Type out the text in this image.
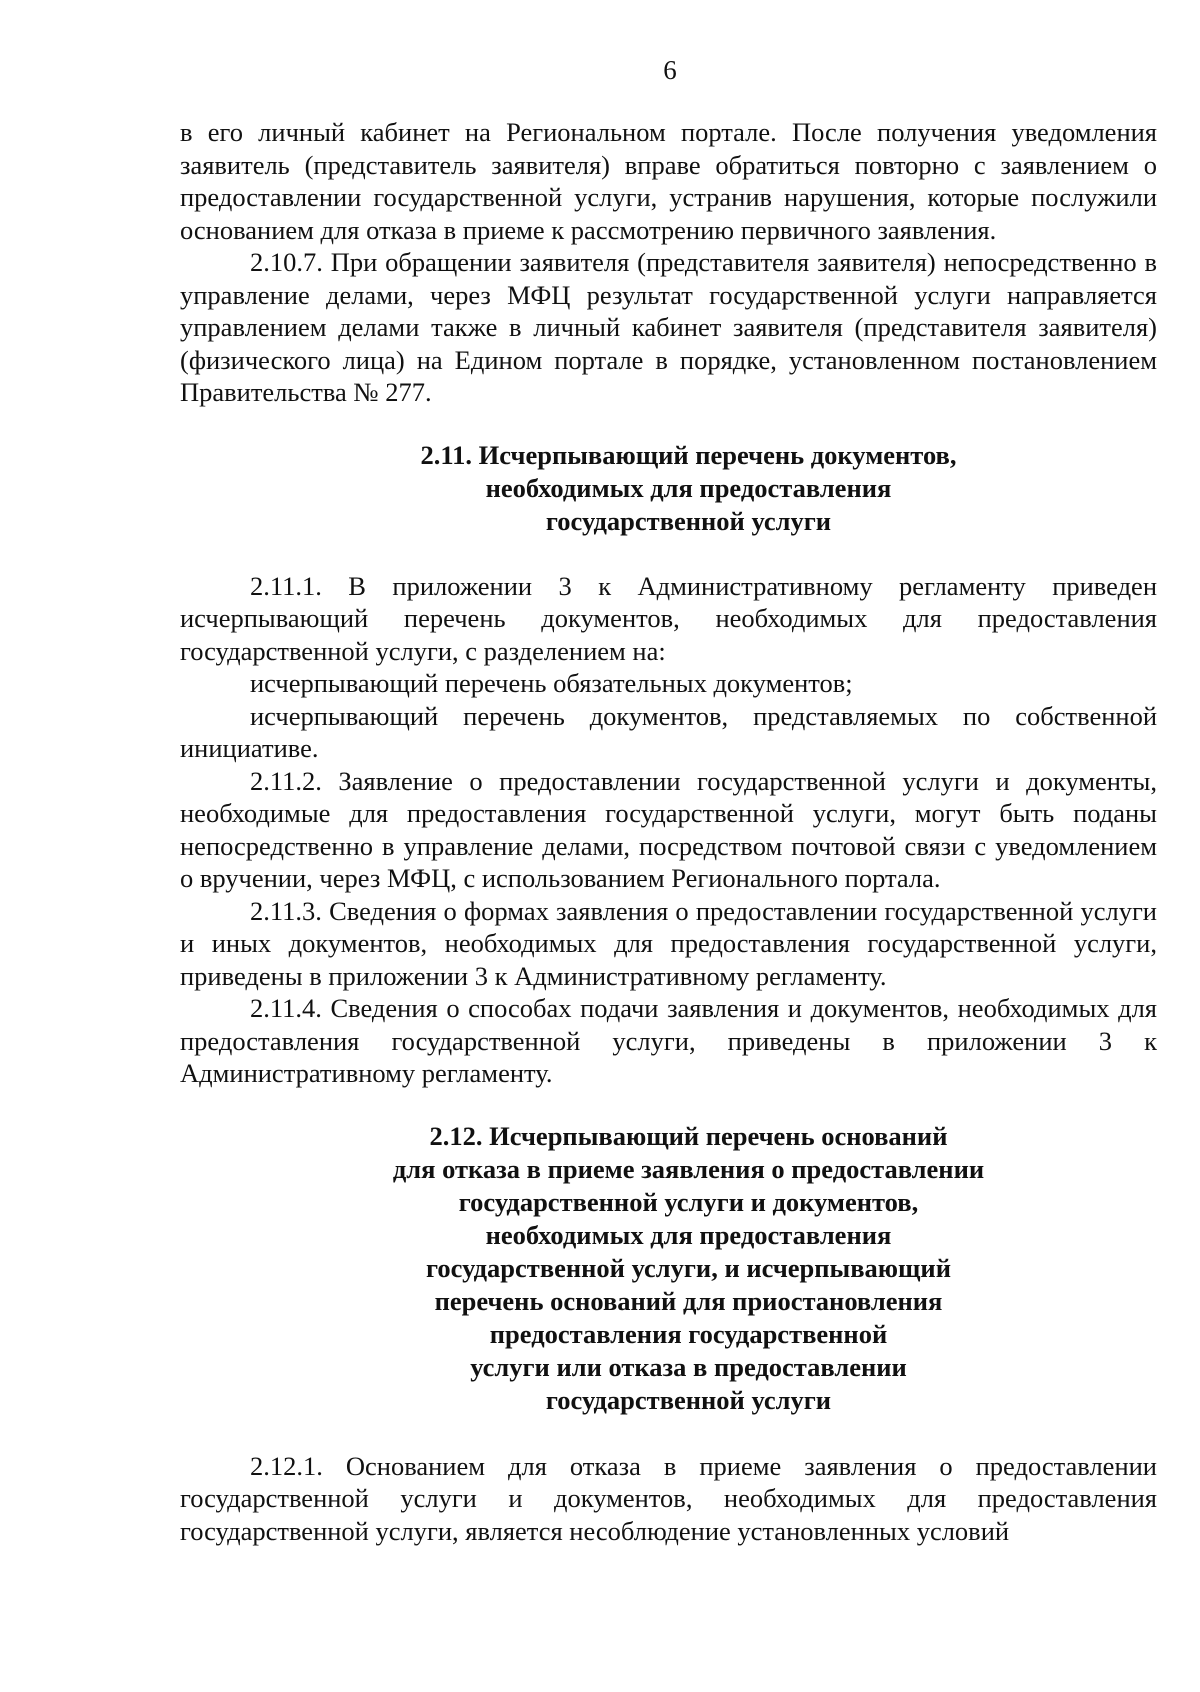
6

в его личный кабинет на Региональном портале. После получения уведомления заявитель (представитель заявителя) вправе обратиться повторно с заявлением о предоставлении государственной услуги, устранив нарушения, которые послужили основанием для отказа в приеме к рассмотрению первичного заявления.

2.10.7. При обращении заявителя (представителя заявителя) непосредственно в управление делами, через МФЦ результат государственной услуги направляется управлением делами также в личный кабинет заявителя (представителя заявителя) (физического лица) на Едином портале в порядке, установленном постановлением Правительства № 277.

2.11. Исчерпывающий перечень документов,
необходимых для предоставления
государственной услуги

2.11.1. В приложении 3 к Административному регламенту приведен исчерпывающий перечень документов, необходимых для предоставления государственной услуги, с разделением на:

исчерпывающий перечень обязательных документов;

исчерпывающий перечень документов, представляемых по собственной инициативе.

2.11.2. Заявление о предоставлении государственной услуги и документы, необходимые для предоставления государственной услуги, могут быть поданы непосредственно в управление делами, посредством почтовой связи с уведомлением о вручении, через МФЦ, с использованием Регионального портала.

2.11.3. Сведения о формах заявления о предоставлении государственной услуги и иных документов, необходимых для предоставления государственной услуги, приведены в приложении 3 к Административному регламенту.

2.11.4. Сведения о способах подачи заявления и документов, необходимых для предоставления государственной услуги, приведены в приложении 3 к Административному регламенту.

2.12. Исчерпывающий перечень оснований
для отказа в приеме заявления о предоставлении
государственной услуги и документов,
необходимых для предоставления
государственной услуги, и исчерпывающий
перечень оснований для приостановления
предоставления государственной
услуги или отказа в предоставлении
государственной услуги

2.12.1. Основанием для отказа в приеме заявления о предоставлении государственной услуги и документов, необходимых для предоставления государственной услуги, является несоблюдение установленных условий
